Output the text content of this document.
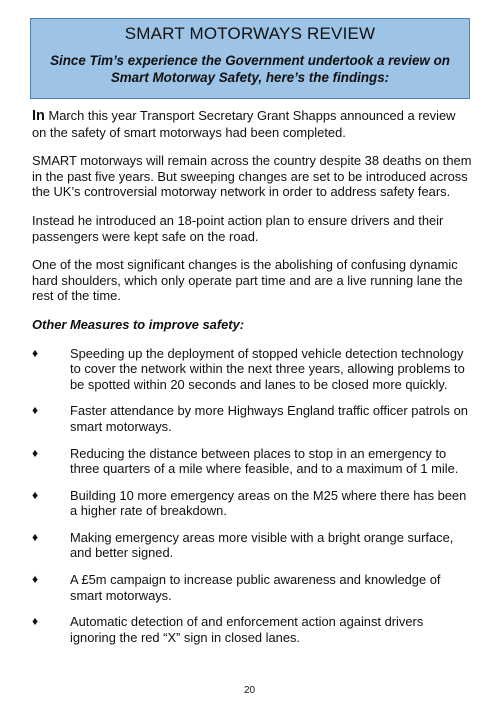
SMART MOTORWAYS REVIEW
Since Tim’s experience the Government undertook a review on Smart Motorway Safety, here’s the findings:

In March this year Transport Secretary Grant Shapps announced a review on the safety of smart motorways had been completed.

SMART motorways will remain across the country despite 38 deaths on them in the past five years. But sweeping changes are set to be introduced across the UK’s controversial motorway network in order to address safety fears.

Instead he introduced an 18-point action plan to ensure drivers and their passengers were kept safe on the road.

One of the most significant changes is the abolishing of confusing dynamic hard shoulders, which only operate part time and are a live running lane the rest of the time.

Other Measures to improve safety:

♦ Speeding up the deployment of stopped vehicle detection technology to cover the network within the next three years, allowing problems to be spotted within 20 seconds and lanes to be closed more quickly.
♦ Faster attendance by more Highways England traffic officer patrols on smart motorways.
♦ Reducing the distance between places to stop in an emergency to three quarters of a mile where feasible, and to a maximum of 1 mile.
♦ Building 10 more emergency areas on the M25 where there has been a higher rate of breakdown.
♦ Making emergency areas more visible with a bright orange surface, and better signed.
♦ A £5m campaign to increase public awareness and knowledge of smart motorways.
♦ Automatic detection of and enforcement action against drivers ignoring the red “X” sign in closed lanes.
20
